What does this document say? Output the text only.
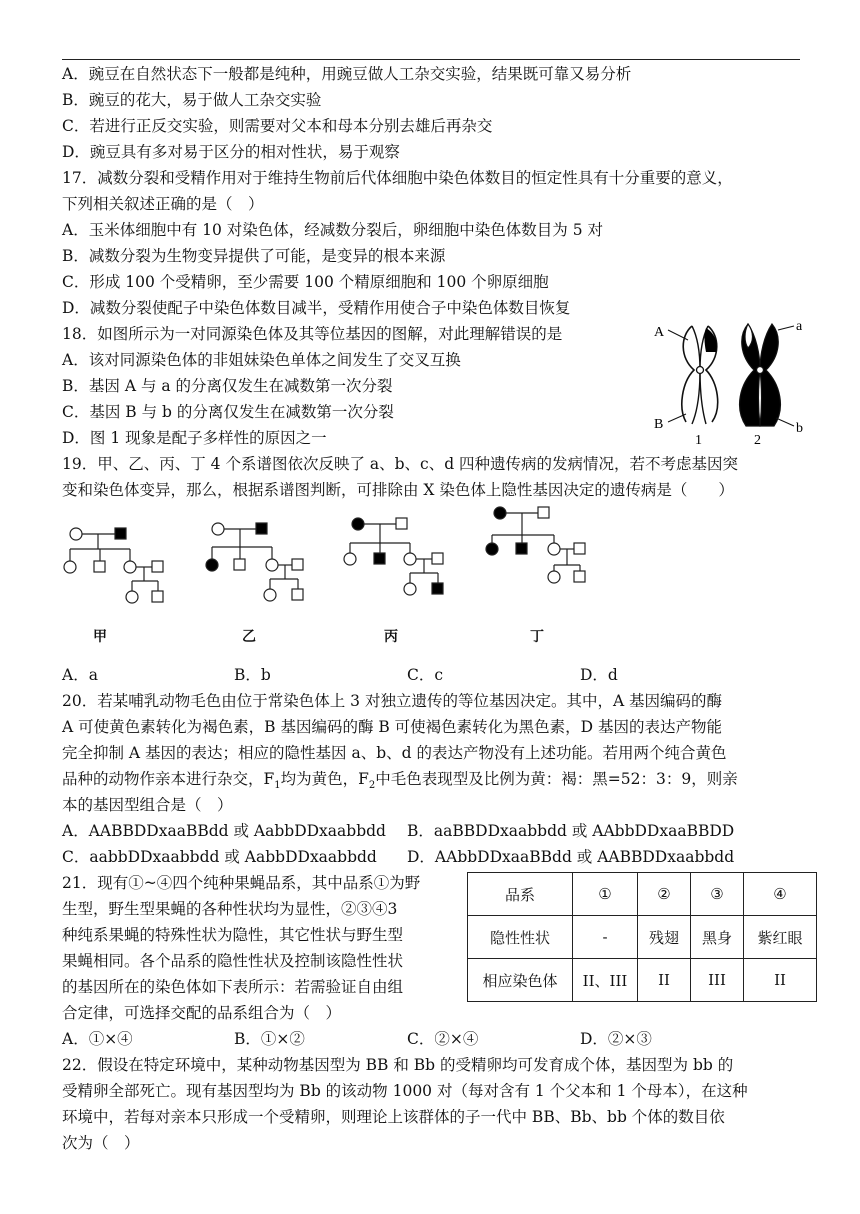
A．豌豆在自然状态下一般都是纯种，用豌豆做人工杂交实验，结果既可靠又易分析
B．豌豆的花大，易于做人工杂交实验
C．若进行正反交实验，则需要对父本和母本分别去雄后再杂交
D．豌豆具有多对易于区分的相对性状，易于观察
17．减数分裂和受精作用对于维持生物前后代体细胞中染色体数目的恒定性具有十分重要的意义，
下列相关叙述正确的是（　）
A．玉米体细胞中有 10 对染色体，经减数分裂后，卵细胞中染色体数目为 5 对
B．减数分裂为生物变异提供了可能，是变异的根本来源
C．形成 100 个受精卵，至少需要 100 个精原细胞和 100 个卵原细胞
D．减数分裂使配子中染色体数目减半，受精作用使合子中染色体数目恢复
18．如图所示为一对同源染色体及其等位基因的图解，对此理解错误的是
A．该对同源染色体的非姐妹染色单体之间发生了交叉互换
B．基因 A 与 a 的分离仅发生在减数第一次分裂
C．基因 B 与 b 的分离仅发生在减数第一次分裂
D．图 1 现象是配子多样性的原因之一
A	a
B	b
1	2
19．甲、乙、丙、丁 4 个系谱图依次反映了 a、b、c、d 四种遗传病的发病情况，若不考虑基因突
变和染色体变异，那么，根据系谱图判断，可排除由 X 染色体上隐性基因决定的遗传病是（　　）
甲	乙	丙	丁
A．a	B．b	C．c	D．d
20．若某哺乳动物毛色由位于常染色体上 3 对独立遗传的等位基因决定。其中，A 基因编码的酶
A 可使黄色素转化为褐色素，B 基因编码的酶 B 可使褐色素转化为黑色素，D 基因的表达产物能
完全抑制 A 基因的表达；相应的隐性基因 a、b、d 的表达产物没有上述功能。若用两个纯合黄色
品种的动物作亲本进行杂交，$F_1$均为黄色，$F_2$中毛色表现型及比例为黄：褐：黑=52：3：9，则亲
本的基因型组合是（　）
A．AABBDDxaaBBdd 或 AabbDDxaabbdd B．aaBBDDxaabbdd 或 AAbbDDxaaBBDD
C．aabbDDxaabbdd 或 AabbDDxaabbdd D．AAbbDDxaaBBdd 或 AABBDDxaabbdd
21．现有①~④四个纯种果蝇品系，其中品系①为野
生型，野生型果蝇的各种性状均为显性，②③④3
种纯系果蝇的特殊性状为隐性，其它性状与野生型
果蝇相同。各个品系的隐性性状及控制该隐性性状
的基因所在的染色体如下表所示：若需验证自由组
合定律，可选择交配的品系组合为（　）
品系	①	②	③	④
隐性性状	-	残翅	黑身	紫红眼
相应染色体	II、III	II	III	II
A．①×④	B．①×②	C．②×④	D．②×③
22．假设在特定环境中，某种动物基因型为 BB 和 Bb 的受精卵均可发育成个体，基因型为 bb 的
受精卵全部死亡。现有基因型均为 Bb 的该动物 1000 对（每对含有 1 个父本和 1 个母本），在这种
环境中，若每对亲本只形成一个受精卵，则理论上该群体的子一代中 BB、Bb、bb 个体的数目依
次为（　）
